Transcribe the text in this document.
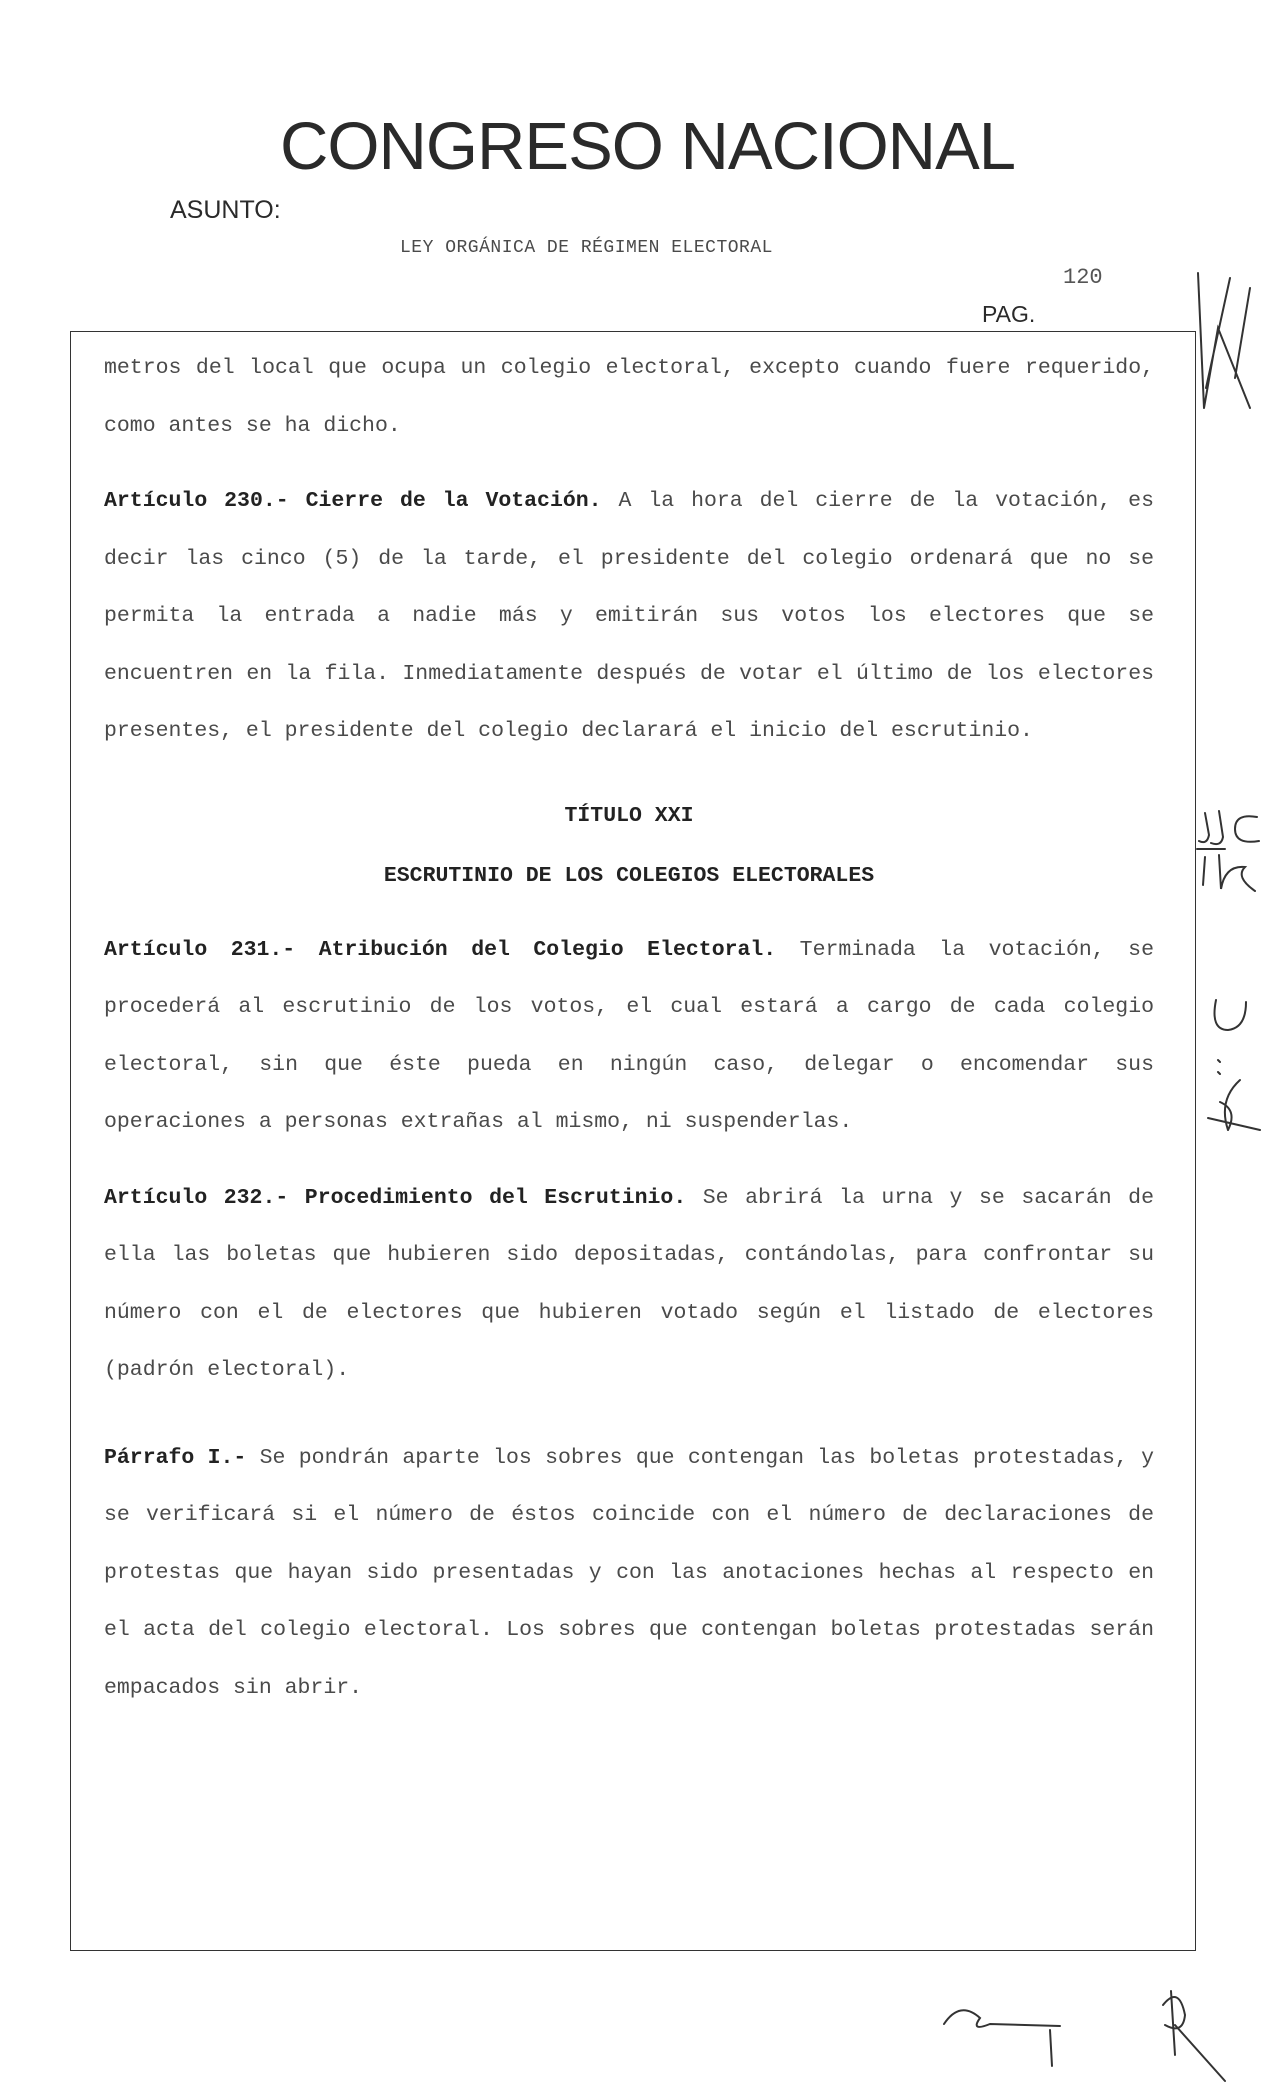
CONGRESO NACIONAL
ASUNTO:
LEY ORGÁNICA DE RÉGIMEN ELECTORAL
120
PAG.

metros del local que ocupa un colegio electoral, excepto cuando fuere requerido, como antes se ha dicho.

Artículo 230.- Cierre de la Votación. A la hora del cierre de la votación, es decir las cinco (5) de la tarde, el presidente del colegio ordenará que no se permita la entrada a nadie más y emitirán sus votos los electores que se encuentren en la fila. Inmediatamente después de votar el último de los electores presentes, el presidente del colegio declarará el inicio del escrutinio.

TÍTULO XXI

ESCRUTINIO DE LOS COLEGIOS ELECTORALES

Artículo 231.- Atribución del Colegio Electoral. Terminada la votación, se procederá al escrutinio de los votos, el cual estará a cargo de cada colegio electoral, sin que éste pueda en ningún caso, delegar o encomendar sus operaciones a personas extrañas al mismo, ni suspenderlas.

Artículo 232.- Procedimiento del Escrutinio. Se abrirá la urna y se sacarán de ella las boletas que hubieren sido depositadas, contándolas, para confrontar su número con el de electores que hubieren votado según el listado de electores (padrón electoral).

Párrafo I.- Se pondrán aparte los sobres que contengan las boletas protestadas, y se verificará si el número de éstos coincide con el número de declaraciones de protestas que hayan sido presentadas y con las anotaciones hechas al respecto en el acta del colegio electoral. Los sobres que contengan boletas protestadas serán empacados sin abrir.
